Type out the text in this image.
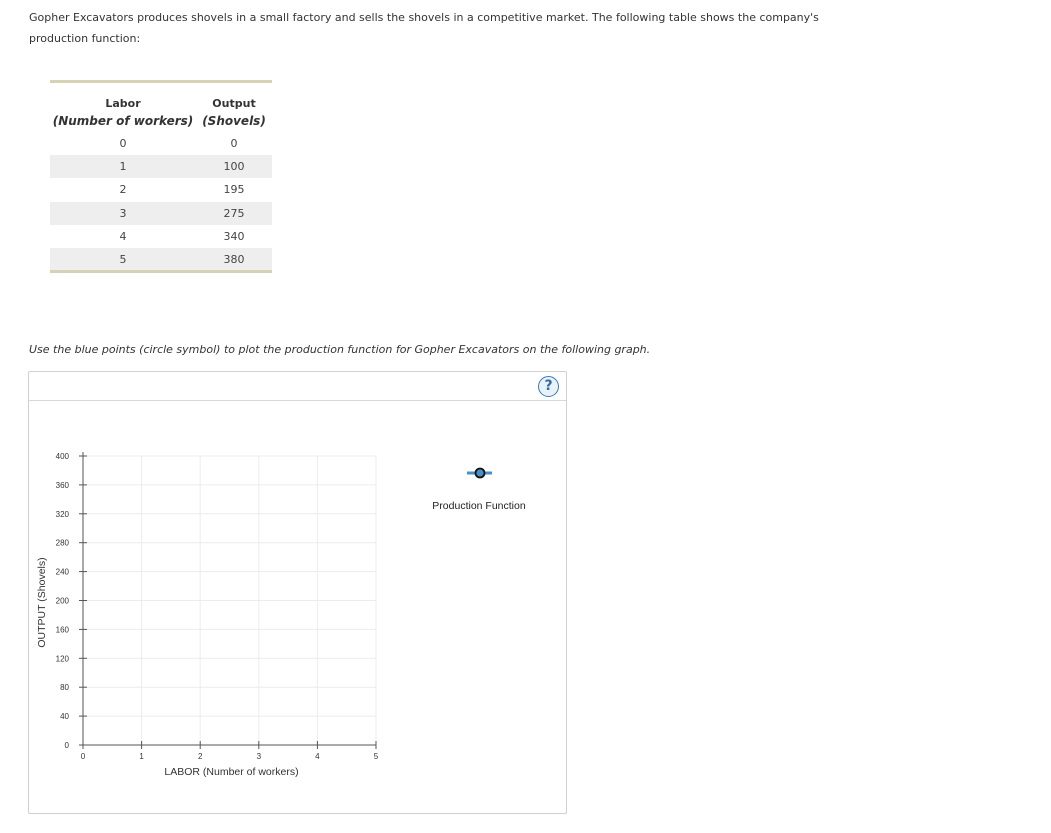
Gopher Excavators produces shovels in a small factory and sells the shovels in a competitive market. The following table shows the company's
production function:
Labor	Output
(Number of workers)	(Shovels)
0	0
1	100
2	195
3	275
4	340
5	380
Use the blue points (circle symbol) to plot the production function for Gopher Excavators on the following graph.
?
0
40
80
120
160
200
240
280
320
360
400
0	1	2	3	4	5
LABOR (Number of workers)
OUTPUT (Shovels)
Production Function
